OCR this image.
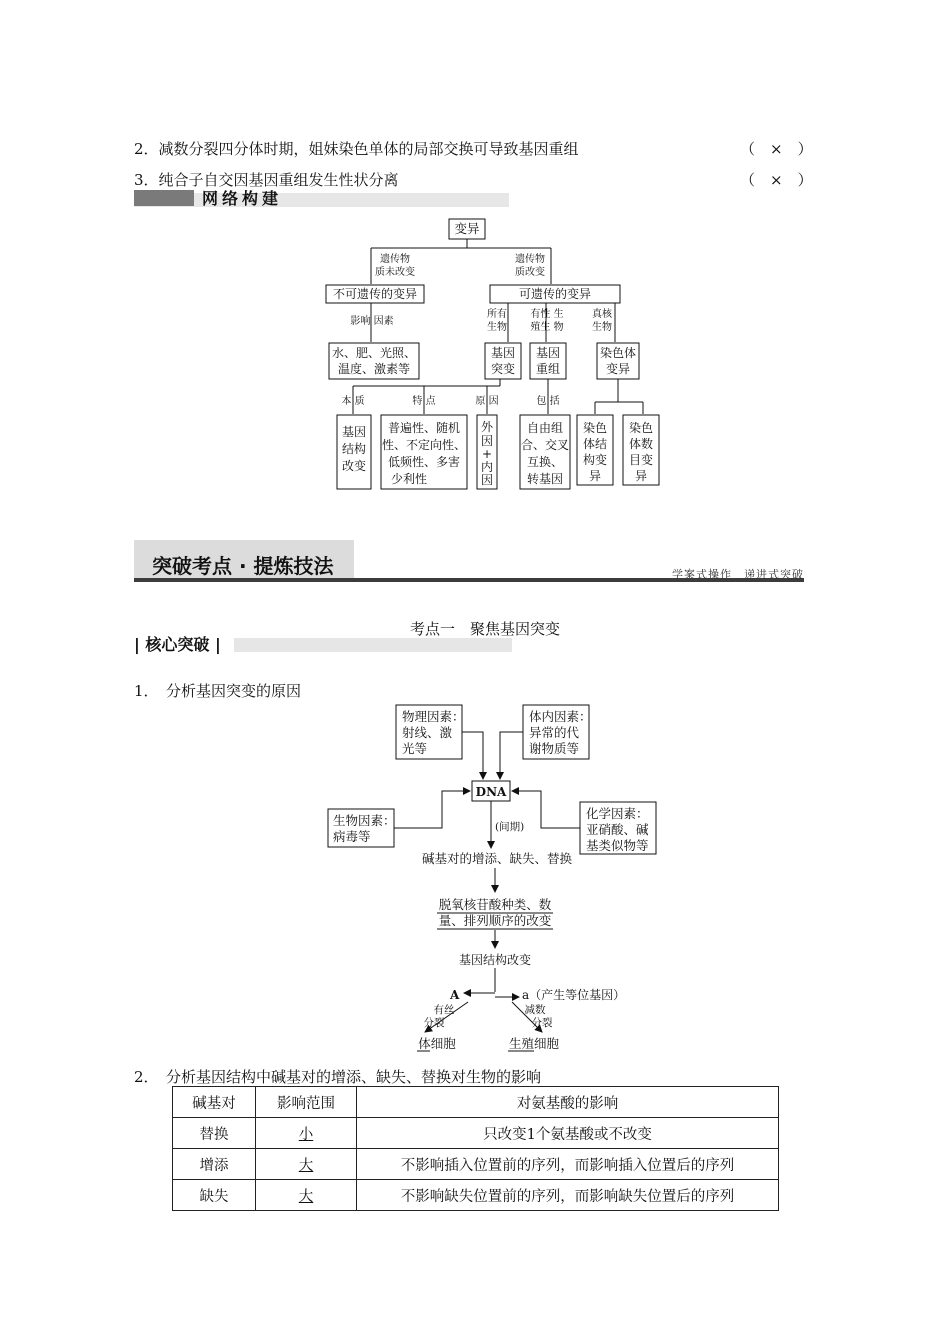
2．减数分裂四分体时期，姐妹染色单体的局部交换可导致基因重组	（　×　）
3．纯合子自交因基因重组发生性状分离	（　×　）
网络构建
变异
遗传物
质未改变
遗传物
质改变
不可遗传的变异	可遗传的变异
影响 因素
水、肥、光照、
温度、激素等
所有
生物
有性 生
殖生 物
真核
生物
基因
突变
基因
重组
染色体
变异
本 质	特 点	原 因	包 括
基因
结构
改变
普遍性、随机
性、不定向性、
低频性、多害
少利性
外
因
+
内
因
自由组
合、交叉
互换、
转基因
染色
体结
构变
异
染色
体数
目变
异
突破考点 · 提炼技法	学案式操作　递进式突破
考点一　聚焦基因突变
| 核心突破 |
1．　分析基因突变的原因
物理因素：
射线、激
光等
体内因素：
异常的代
谢物质等
生物因素：
病毒等
化学因素：
亚硝酸、碱
基类似物等
DNA
(间期)
碱基对的增添、缺失、替换
脱氧核苷酸种类、数
量、排列顺序的改变
基因结构改变
A	a（产生等位基因）
有丝
分裂
减数
分裂
体细胞	生殖细胞
2．　分析基因结构中碱基对的增添、缺失、替换对生物的影响
碱基对	影响范围	对氨基酸的影响
替换	小	只改变1个氨基酸或不改变
增添	大	不影响插入位置前的序列，而影响插入位置后的序列
缺失	大	不影响缺失位置前的序列，而影响缺失位置后的序列
